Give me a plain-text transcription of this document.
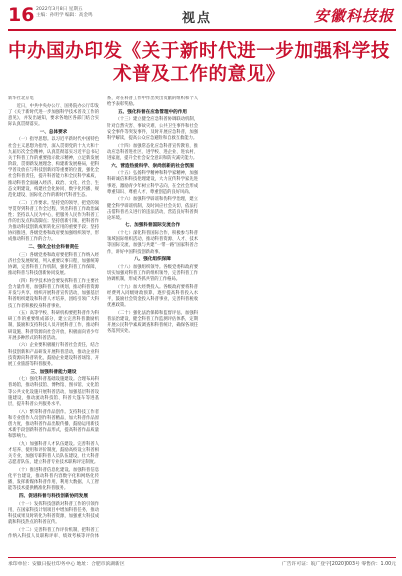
16 2022年3月8日 星期五
主编：孙明学 编辑：高金鸣	视点	安徽科技报
中办国办印发《关于新时代进一步加强科学技术普及工作的意见》
新华社北京电

近日，中共中央办公厅、国务院办公厅印发了《关于新时代进一步加强科学技术普及工作的意见》，并发出通知，要求各地区各部门结合实际认真贯彻落实。

一、总体要求

（一）指导思想。以习近平新时代中国特色社会主义思想为指导，深入贯彻党的十九大和十九届历次全会精神，认真贯彻落实习近平总书记关于科普工作的重要指示批示精神，立足新发展阶段、贯彻新发展理念、构建新发展格局，把科学普及放在与科技创新同等重要的位置，强化全社会科普责任，提升科普能力和全民科学素质，推动科普全面融入经济、政治、文化、社会、生态文明建设，构建社会化协同、数字化传播、规范化建设、国际化合作的新时代科普生态。

（二）工作要求。坚持党的领导，把党的领导贯穿到科普工作全过程，突出科普工作政治属性；坚持以人民为中心，把服务人民作为科普工作的出发点和落脚点；坚持创新引领，把科普作为推动科技创新成果转化应用的重要手段；坚持协同推进，各级党委和政府要加强组织领导，形成推动科普工作的合力。

二、强化全社会科普责任

（三）各级党委和政府要把科普工作纳入经济社会发展规划，列入重要议事日程，加强统筹协调，完善科普工作机制，强化科普工作保障，推动科普与科技创新协同发展。

（四）科学技术协会要发挥科普工作主要社会力量作用，加强科普工作规划，推动科普资源开发与共享，组织开展科普宣传活动，加强基层科普组织建设和科普人才培养，团结引领广大科技工作者积极投身科普事业。

（五）高等学校、科研机构要把科普作为科研工作的重要组成部分，建立完善科普激励机制，鼓励和支持科技人员开展科普工作，推动科研设施、科普资源向社会开放，积极面向青少年开展多种形式的科普活动。

（六）企业要积极履行科普社会责任，结合科技创新和产品研发开展科普活动，推动企业科技资源向科普转化，鼓励企业建设科普场馆、开展工业旅游等科普服务。

三、加强科普能力建设

（七）强化科普基础设施建设。合理布局科普场馆，推动科技馆、博物馆、图书馆、文化馆等公共文化设施开展科普活动，加强基层科普设施建设，推动流动科技馆、科普大篷车等进基层，提升科普公共服务水平。

（八）繁荣科普作品创作。支持科技工作者和专业创作人员创作科普精品，加大科普作品原创力度，推动科普作品出版传播，鼓励运用新技术新手段创新科普作品形式，提高科普作品质量和影响力。

（九）加强科普人才队伍建设。完善科普人才培养、使用和评价制度，鼓励高校设立科普相关专业，加强专职科普人员队伍建设，壮大科普志愿者队伍，建立科普专业技术职称评定制度。

（十）推进科普信息化建设。加强科普信息化平台建设，推动科普内容数字化和网络化传播，发挥新媒体科普作用，利用大数据、人工智能等技术提供精准化科普服务。

四、促进科普与科技创新协同发展

（十一）发挥科技创新对科普工作的引领作用，在国家科技计划项目中增加科普任务，推动科技成果及时转化为科普资源，加强重大科技成就和科技热点的科普宣传。

（十二）完善科普工作评价机制，把科普工作纳入科技人员职称评审、绩效考核等评价体系，对在科普工作中作出突出贡献的组织和个人给予表彰奖励。

五、强化科普在应急管理中的作用

（十三）建立健全应急科普协调联动机制，针对自然灾害、事故灾难、公共卫生事件和社会安全事件等突发事件，及时开展应急科普，加强科学解读，提高公众应急避险和自救互救能力。

（十四）加强常态化应急科普宣传教育，推动应急科普进社区、进学校、进企业、进农村、进家庭，提升全社会安全意识和防灾减灾能力。

六、营造热爱科学、崇尚创新的社会氛围

（十五）弘扬科学精神和科学家精神，加强科研诚信和科技伦理建设，大力宣传科学家先进事迹，激励青少年树立科学志向，在全社会形成尊重知识、尊重人才、尊重创造的良好风尚。

（十六）加强科学辟谣和伪科学治理，建立健全科学辟谣机制，及时回应社会关切，依法打击借科普名义进行的违法活动，营造良好科普舆论环境。

七、加强科普国际交流合作

（十七）深化科普国际合作，积极参与科普领域国际组织活动，推动科普资源、人才、技术等国际交流，加强与共建“一带一路”国家科普合作，讲好中国科技创新故事。

八、强化组织保障

（十八）加强组织领导。各级党委和政府要切实加强对科普工作的组织领导，完善科普工作协调机制，形成齐抓共管的工作格局。

（十九）加大经费投入。各级政府要将科普经费列入同级财政预算，逐步提高科普投入水平，鼓励社会资金投入科普事业，完善科普税收优惠政策。

（二十）强化法治保障和监督评估。加强科普法治建设，健全科普工作监测评估体系，定期开展公民科学素质调查和科普统计，确保各项任务落到实处。

承印单位：安徽日报社印务中心 地址：合肥市滨湖新区	广告许可证：皖广登字[2020]003号 零售价：1.00元
